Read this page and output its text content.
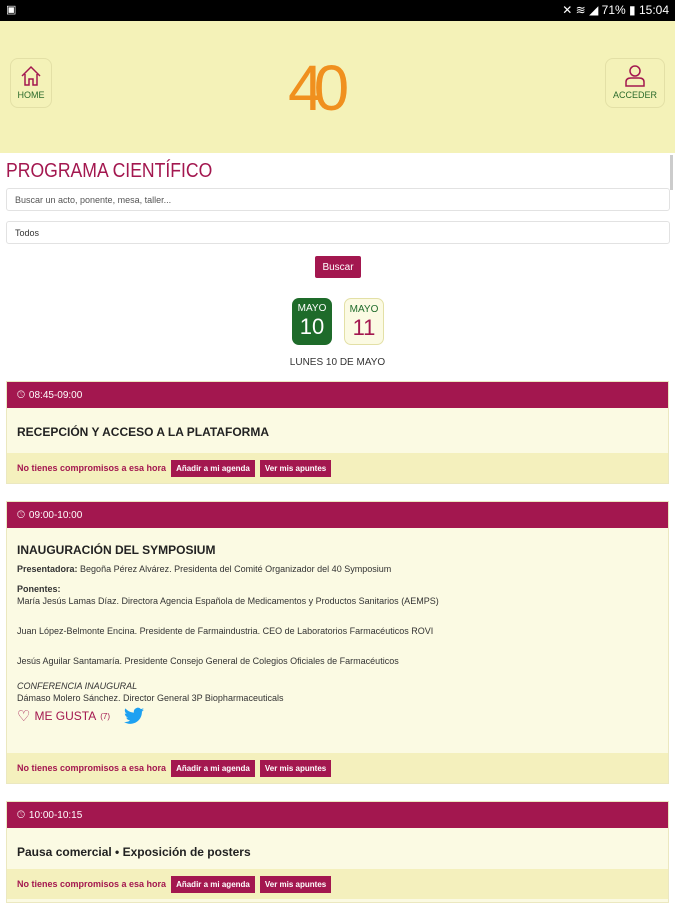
▣	✕ ≋ ◢ 71% ▮ 15:04
HOME	40	ACCEDER
PROGRAMA CIENTÍFICO
Buscar un acto, ponente, mesa, taller...
Todos
Buscar
MAYO
10
MAYO
11
LUNES 10 DE MAYO
🕓︎ 08:45-09:00
RECEPCIÓN Y ACCESO A LA PLATAFORMA
No tienes compromisos a esa hora	Añadir a mi agenda	Ver mis apuntes
🕓︎ 09:00-10:00
INAUGURACIÓN DEL SYMPOSIUM
Presentadora: Begoña Pérez Alvárez. Presidenta del Comité Organizador del 40 Symposium
Ponentes:
María Jesús Lamas Díaz. Directora Agencia Española de Medicamentos y Productos Sanitarios (AEMPS)
Juan López-Belmonte Encina. Presidente de Farmaindustria. CEO de Laboratorios Farmacéuticos ROVI
Jesús Aguilar Santamaría. Presidente Consejo General de Colegios Oficiales de Farmacéuticos
CONFERENCIA INAUGURAL
Dámaso Molero Sánchez. Director General 3P Biopharmaceuticals
♡ ME GUSTA (7)
No tienes compromisos a esa hora	Añadir a mi agenda	Ver mis apuntes
🕓︎ 10:00-10:15
Pausa comercial • Exposición de posters
No tienes compromisos a esa hora	Añadir a mi agenda	Ver mis apuntes
